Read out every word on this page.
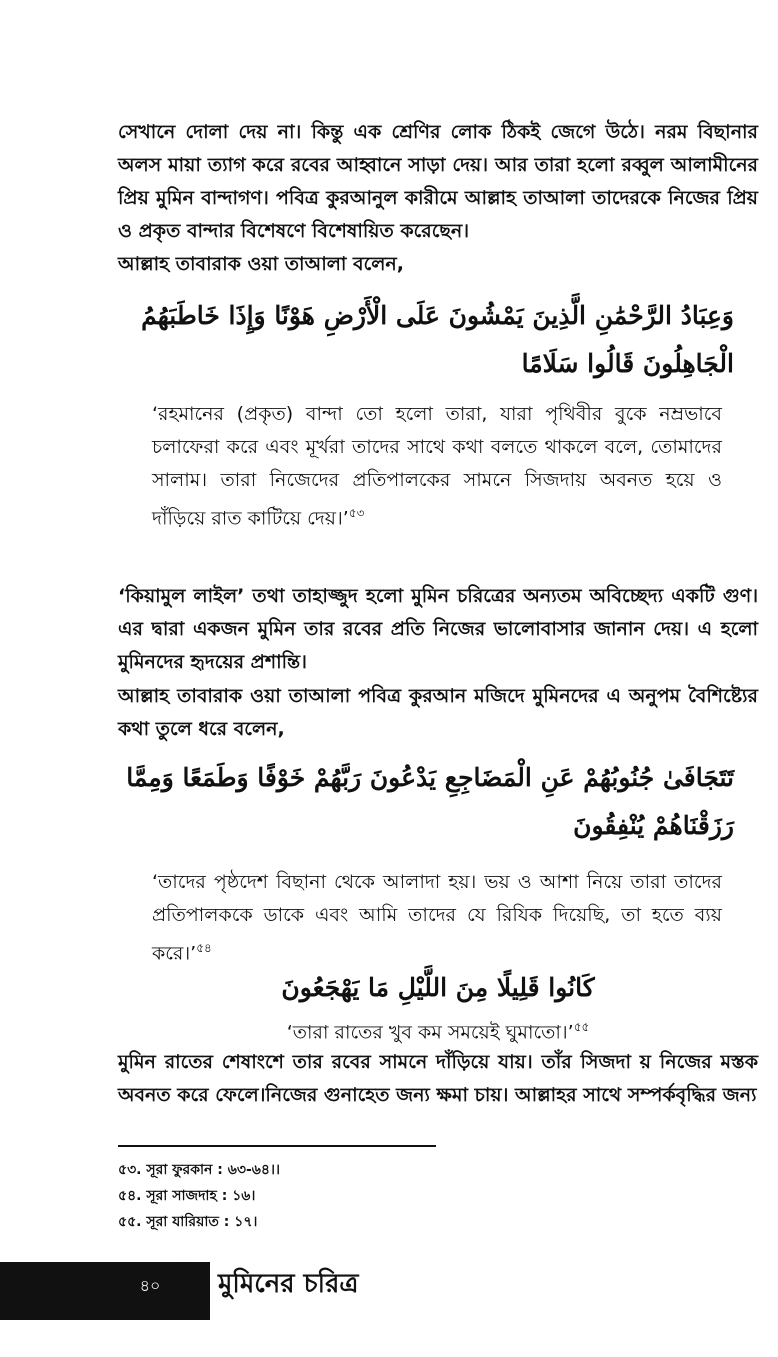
সেখানে দোলা দেয় না। কিন্তু এক শ্রেণির লোক ঠিকই জেগে উঠে। নরম বিছানার অলস মায়া ত্যাগ করে রবের আহ্বানে সাড়া দেয়। আর তারা হলো রব্বুল আলামীনের প্রিয় মুমিন বান্দাগণ। পবিত্র কুরআনুল কারীমে আল্লাহ তাআলা তাদেরকে নিজের প্রিয় ও প্রকৃত বান্দার বিশেষণে বিশেষায়িত করেছেন।

আল্লাহ তাবারাক ওয়া তাআলা বলেন,

وَعِبَادُ الرَّحْمَٰنِ الَّذِينَ يَمْشُونَ عَلَى الْأَرْضِ هَوْنًا وَإِذَا خَاطَبَهُمُ الْجَاهِلُونَ قَالُوا سَلَامًا

‘রহমানের (প্রকৃত) বান্দা তো হলো তারা, যারা পৃথিবীর বুকে নম্রভাবে চলাফেরা করে এবং মূর্খরা তাদের সাথে কথা বলতে থাকলে বলে, তোমাদের সালাম। তারা নিজেদের প্রতিপালকের সামনে সিজদায় অবনত হয়ে ও দাঁড়িয়ে রাত কাটিয়ে দেয়।’$^{৫৩}$

‘কিয়ামুল লাইল’ তথা তাহাজ্জুদ হলো মুমিন চরিত্রের অন্যতম অবিচ্ছেদ্য একটি গুণ। এর দ্বারা একজন মুমিন তার রবের প্রতি নিজের ভালোবাসার জানান দেয়। এ হলো মুমিনদের হৃদয়ের প্রশান্তি।

আল্লাহ তাবারাক ওয়া তাআলা পবিত্র কুরআন মজিদে মুমিনদের এ অনুপম বৈশিষ্ট্যের কথা তুলে ধরে বলেন,

تَتَجَافَىٰ جُنُوبُهُمْ عَنِ الْمَضَاجِعِ يَدْعُونَ رَبَّهُمْ خَوْفًا وَطَمَعًا وَمِمَّا رَزَقْنَاهُمْ يُنْفِقُونَ

‘তাদের পৃষ্ঠদেশ বিছানা থেকে আলাদা হয়। ভয় ও আশা নিয়ে তারা তাদের প্রতিপালককে ডাকে এবং আমি তাদের যে রিযিক দিয়েছি, তা হতে ব্যয় করে।’$^{৫৪}$

كَانُوا قَلِيلًا مِنَ اللَّيْلِ مَا يَهْجَعُونَ

‘তারা রাতের খুব কম সময়েই ঘুমাতো।’$^{৫৫}$

মুমিন রাতের শেষাংশে তার রবের সামনে দাঁড়িয়ে যায়। তাঁর সিজদা য় নিজের মস্তক অবনত করে ফেলে।নিজের গুনাহেত জন্য ক্ষমা চায়। আল্লাহর সাথে সম্পর্কবৃদ্ধির জন্য

৫৩. সূরা ফুরকান : ৬৩-৬৪।।
৫৪. সূরা সাজদাহ : ১৬।
৫৫. সূরা যারিয়াত : ১৭।
৪০	মুমিনের চরিত্র
